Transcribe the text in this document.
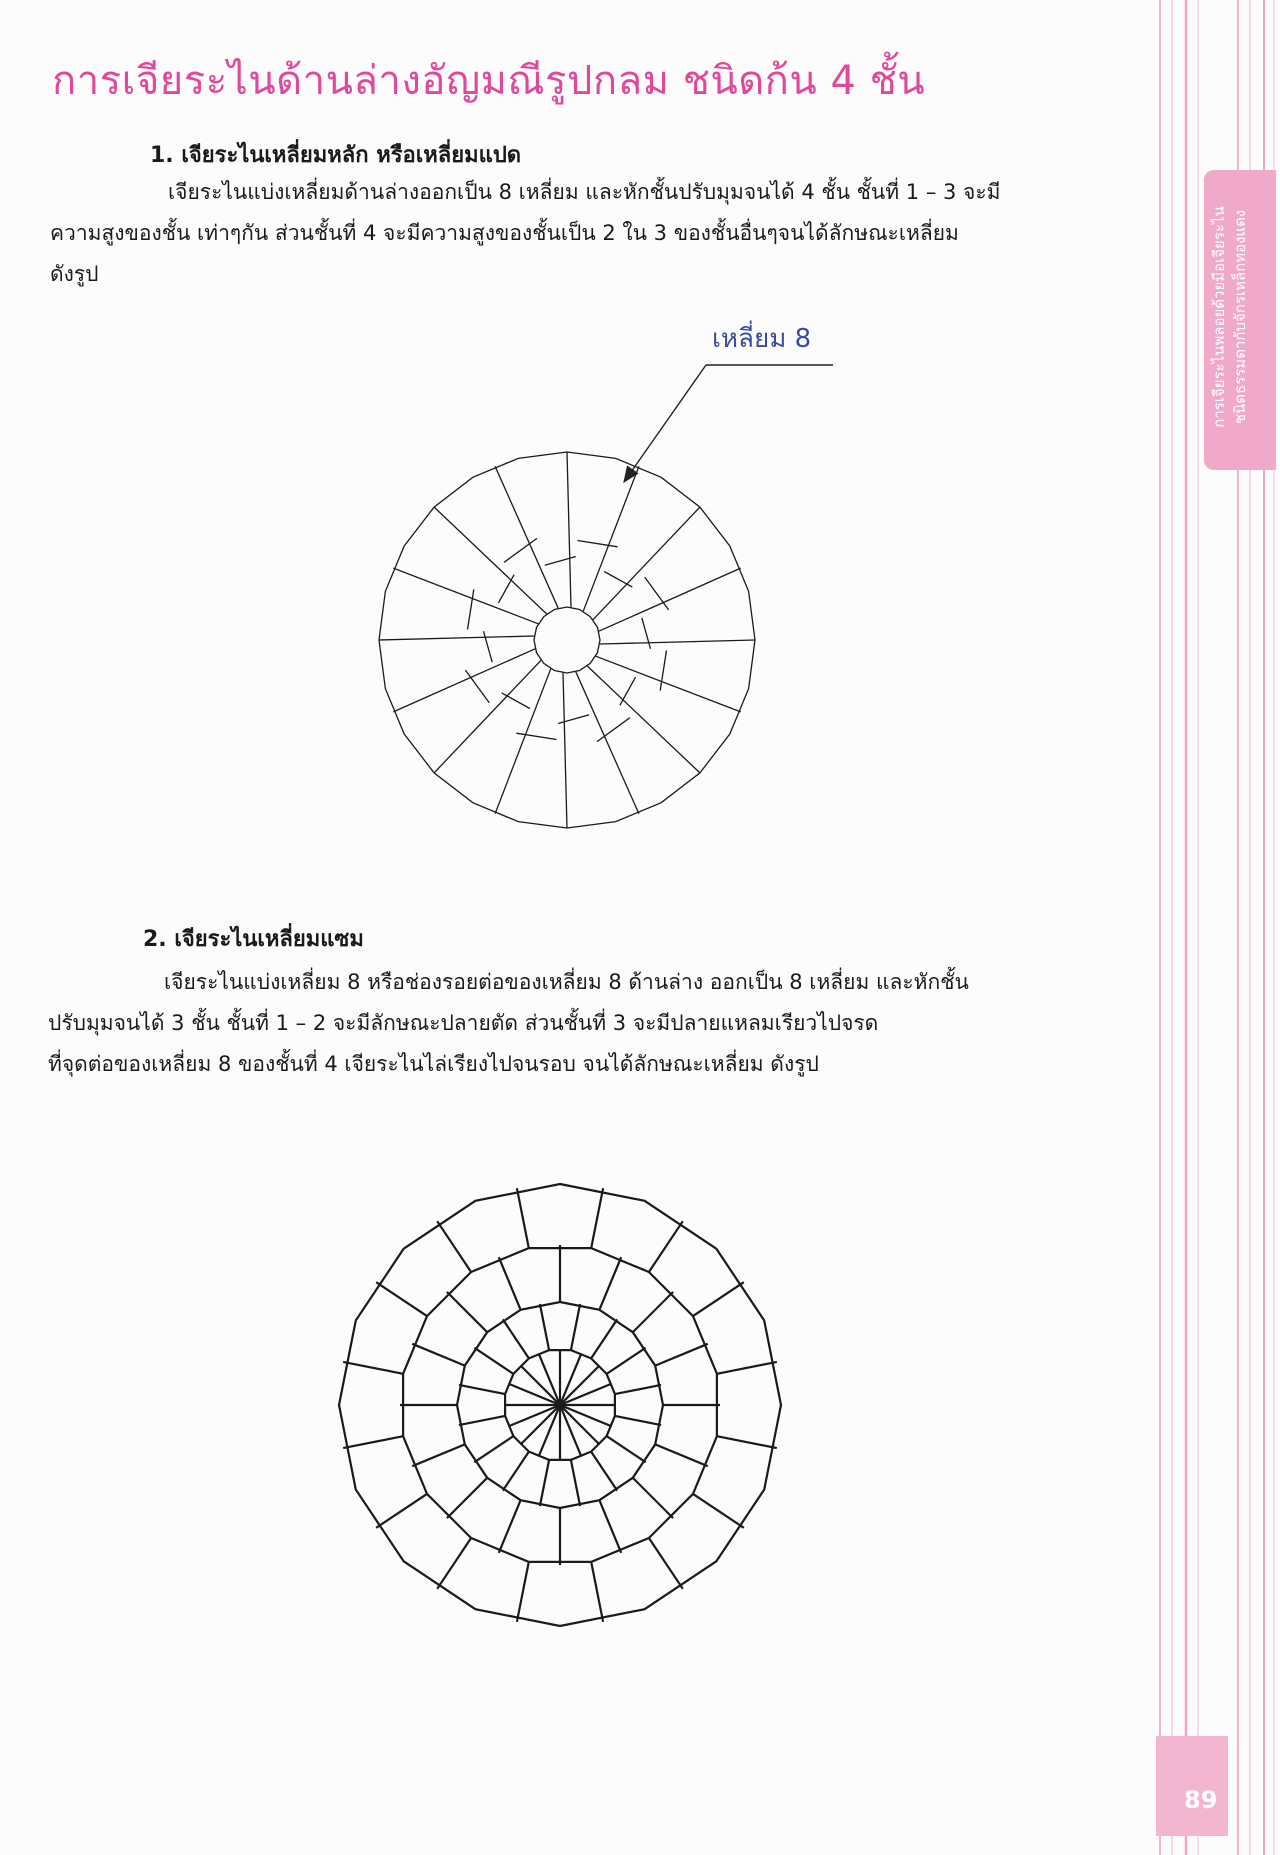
การเจียระไนด้านล่างอัญมณีรูปกลม ชนิดก้น 4 ชั้น
1. เจียระไนเหลี่ยมหลัก หรือเหลี่ยมแปด

เจียระไนแบ่งเหลี่ยมด้านล่างออกเป็น 8 เหลี่ยม และหักชั้นปรับมุมจนได้ 4 ชั้น ชั้นที่ 1 – 3 จะมี
ความสูงของชั้น เท่าๆกัน ส่วนชั้นที่ 4 จะมีความสูงของชั้นเป็น 2 ใน 3 ของชั้นอื่นๆจนได้ลักษณะเหลี่ยม
ดังรูป

เหลี่ยม 8
2. เจียระไนเหลี่ยมแซม

เจียระไนแบ่งเหลี่ยม 8 หรือช่องรอยต่อของเหลี่ยม 8 ด้านล่าง ออกเป็น 8 เหลี่ยม และหักชั้น
ปรับมุมจนได้ 3 ชั้น ชั้นที่ 1 – 2 จะมีลักษณะปลายตัด ส่วนชั้นที่ 3 จะมีปลายแหลมเรียวไปจรด
ที่จุดต่อของเหลี่ยม 8 ของชั้นที่ 4 เจียระไนไล่เรียงไปจนรอบ จนได้ลักษณะเหลี่ยม ดังรูป

การเจียระไนพลอยด้วยมือเจียระไน ชนิดธรรมดากับจักรเหล็กทองแดง
89
